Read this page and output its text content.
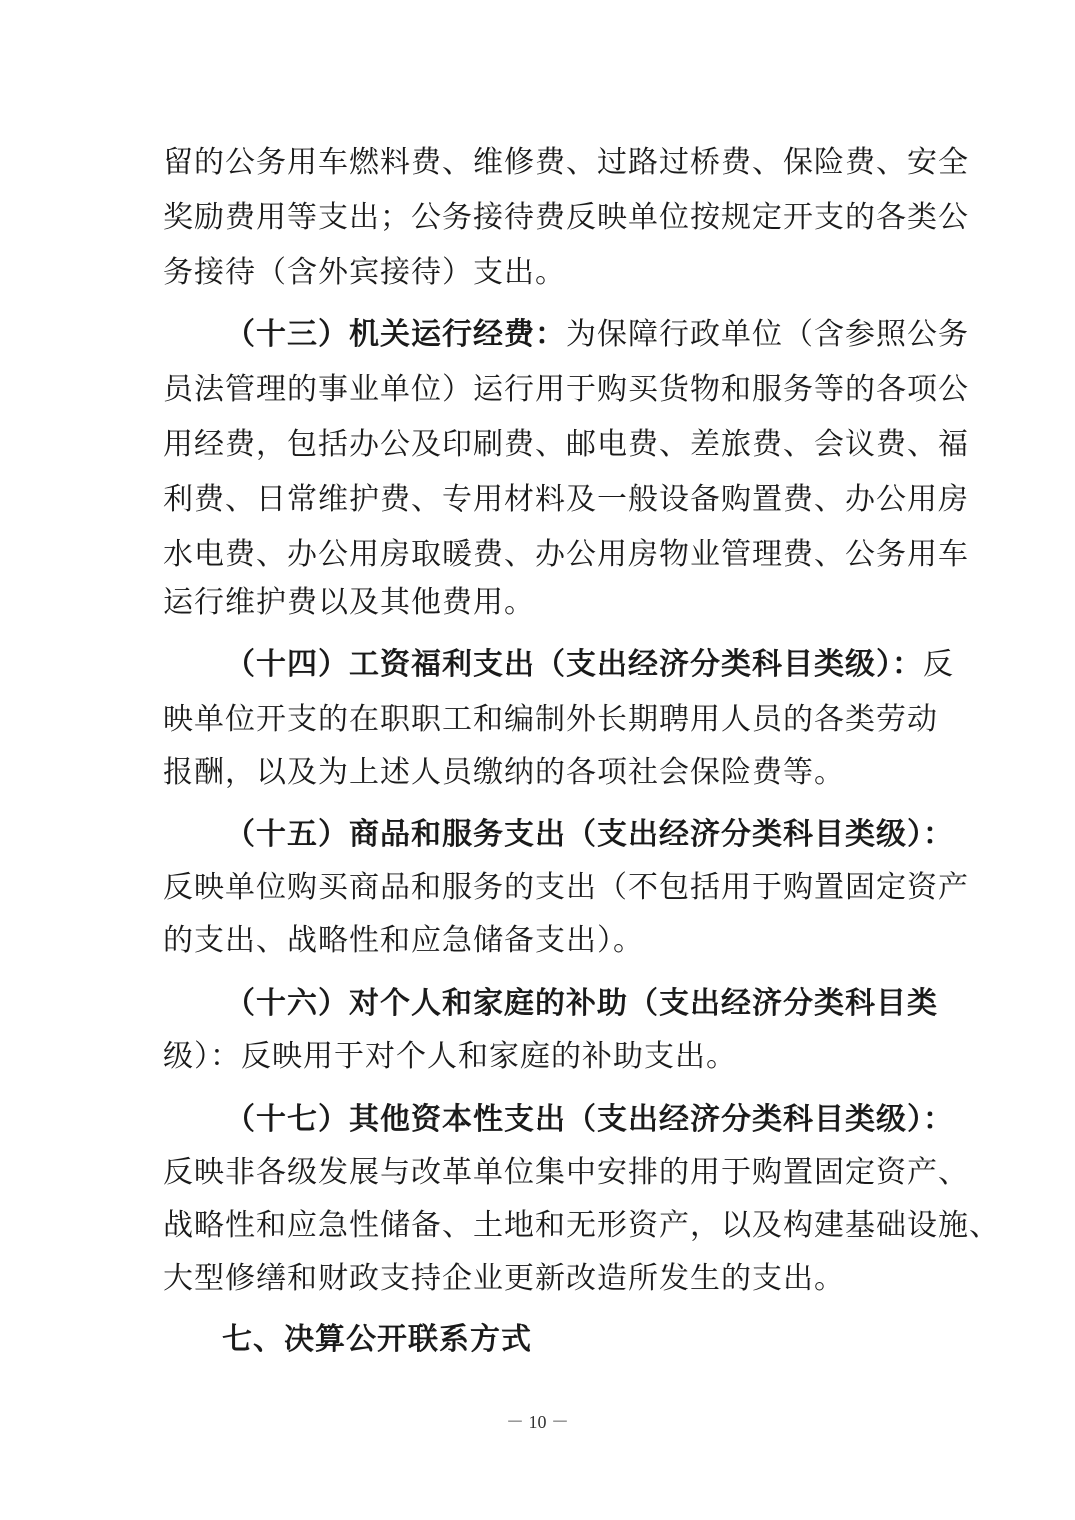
留的公务用车燃料费、维修费、过路过桥费、保险费、安全
奖励费用等支出；公务接待费反映单位按规定开支的各类公
务接待（含外宾接待）支出。
（十三）机关运行经费：为保障行政单位（含参照公务
员法管理的事业单位）运行用于购买货物和服务等的各项公
用经费，包括办公及印刷费、邮电费、差旅费、会议费、福
利费、日常维护费、专用材料及一般设备购置费、办公用房
水电费、办公用房取暖费、办公用房物业管理费、公务用车
运行维护费以及其他费用。
（十四）工资福利支出（支出经济分类科目类级）：反
映单位开支的在职职工和编制外长期聘用人员的各类劳动
报酬，以及为上述人员缴纳的各项社会保险费等。
（十五）商品和服务支出（支出经济分类科目类级）：
反映单位购买商品和服务的支出（不包括用于购置固定资产
的支出、战略性和应急储备支出）。
（十六）对个人和家庭的补助（支出经济分类科目类
级）：反映用于对个人和家庭的补助支出。
（十七）其他资本性支出（支出经济分类科目类级）：
反映非各级发展与改革单位集中安排的用于购置固定资产、
战略性和应急性储备、土地和无形资产，以及构建基础设施、
大型修缮和财政支持企业更新改造所发生的支出。
七、决算公开联系方式
－ 10 －
